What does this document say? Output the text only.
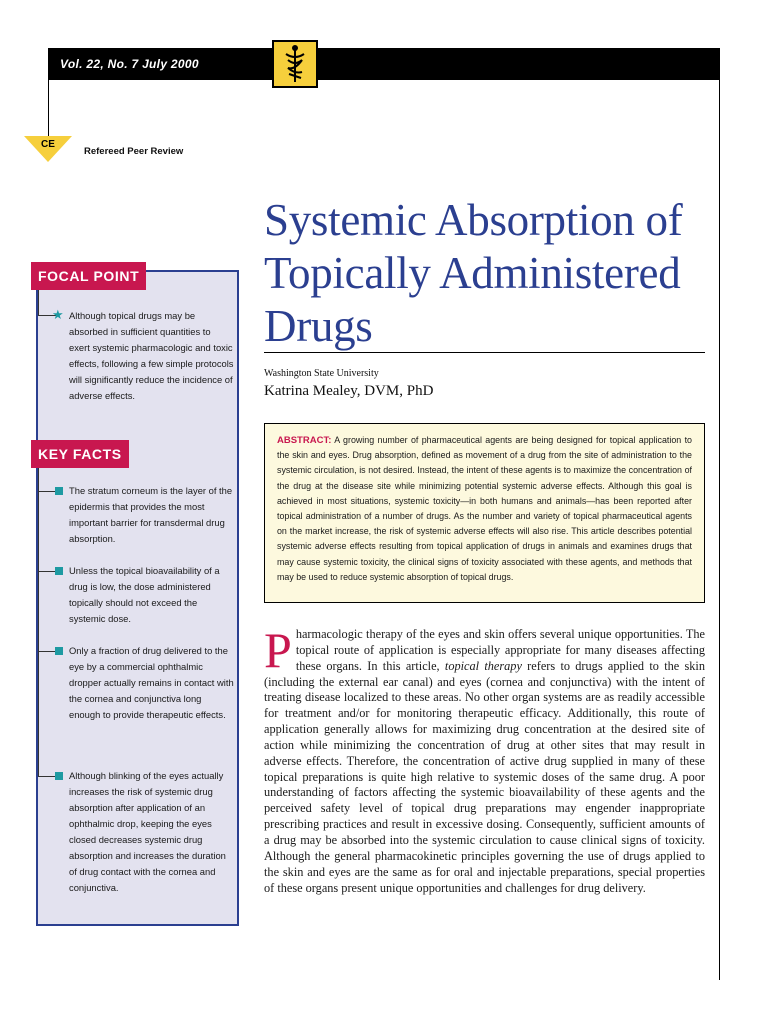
Vol. 22, No. 7 July 2000
CE
Refereed Peer Review
Systemic Absorption of
Topically Administered
Drugs
Washington State University
Katrina Mealey, DVM, PhD
ABSTRACT: A growing number of pharmaceutical agents are being designed for topical application to the skin and eyes. Drug absorption, defined as movement of a drug from the site of administration to the systemic circulation, is not desired. Instead, the intent of these agents is to maximize the concentration of the drug at the disease site while minimizing potential systemic adverse effects. Although this goal is achieved in most situations, systemic toxicity—in both humans and animals—has been reported after topical administration of a number of drugs. As the number and variety of topical pharmaceutical agents on the market increase, the risk of systemic adverse effects will also rise. This article describes potential systemic adverse effects resulting from topical application of drugs in animals and examines drugs that may cause systemic toxicity, the clinical signs of toxicity associated with these agents, and methods that may be used to reduce systemic absorption of topical drugs.

Pharmacologic therapy of the eyes and skin offers several unique opportunities. The topical route of application is especially appropriate for many diseases affecting these organs. In this article, topical therapy refers to drugs applied to the skin (including the external ear canal) and eyes (cornea and conjunctiva) with the intent of treating disease localized to these areas. No other organ systems are as readily accessible for treatment and/or for monitoring therapeutic efficacy. Additionally, this route of application generally allows for maximizing drug concentration at the desired site of action while minimizing the concentration of drug at other sites that may result in adverse effects. Therefore, the concentration of active drug supplied in many of these topical preparations is quite high relative to systemic doses of the same drug. A poor understanding of factors affecting the systemic bioavailability of these agents and the perceived safety level of topical drug preparations may engender inappropriate prescribing practices and result in excessive dosing. Consequently, sufficient amounts of a drug may be absorbed into the systemic circulation to cause clinical signs of toxicity. Although the general pharmacokinetic principles governing the use of drugs applied to the skin and eyes are the same as for oral and injectable preparations, special properties of these organs present unique opportunities and challenges for drug delivery.

FOCAL POINT
★ Although topical drugs may be absorbed in sufficient quantities to exert systemic pharmacologic and toxic effects, following a few simple protocols will significantly reduce the incidence of adverse effects.
KEY FACTS
The stratum corneum is the layer of the epidermis that provides the most important barrier for transdermal drug absorption.
Unless the topical bioavailability of a drug is low, the dose administered topically should not exceed the systemic dose.
Only a fraction of drug delivered to the eye by a commercial ophthalmic dropper actually remains in contact with the cornea and conjunctiva long enough to provide therapeutic effects.
Although blinking of the eyes actually increases the risk of systemic drug absorption after application of an ophthalmic drop, keeping the eyes closed decreases systemic drug absorption and increases the duration of drug contact with the cornea and conjunctiva.
